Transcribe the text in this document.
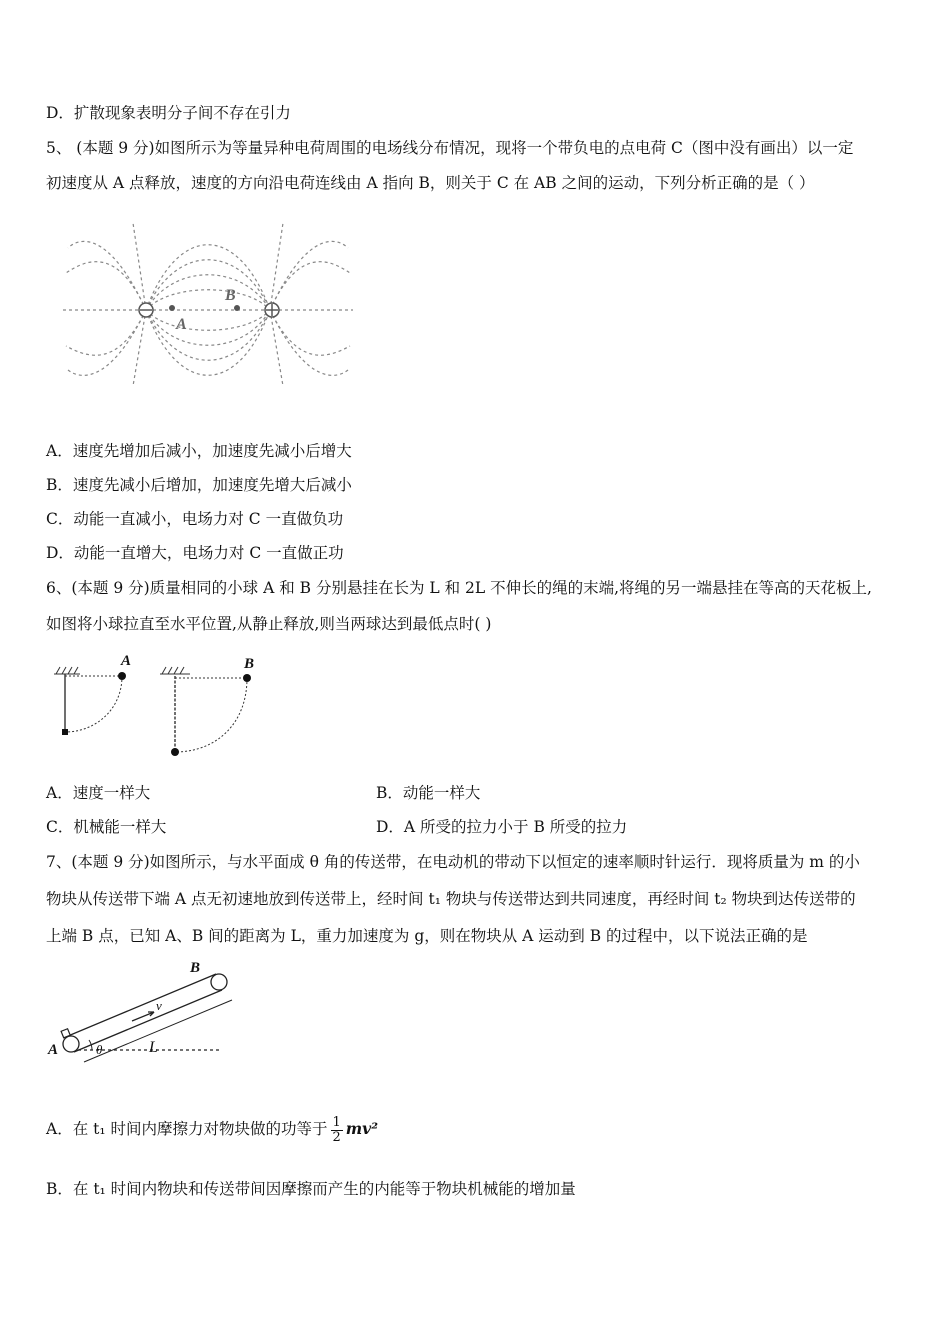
D．扩散现象表明分子间不存在引力
5、 (本题 9 分)如图所示为等量异种电荷周围的电场线分布情况，现将一个带负电的点电荷 C（图中没有画出）以一定
初速度从 A 点释放，速度的方向沿电荷连线由 A 指向 B，则关于 C 在 AB 之间的运动，下列分析正确的是（ ）
A
B
A．速度先增加后减小，加速度先减小后增大
B．速度先减小后增加，加速度先增大后减小
C．动能一直减小，电场力对 C 一直做负功
D．动能一直增大，电场力对 C 一直做正功
6、(本题 9 分)质量相同的小球 A 和 B 分别悬挂在长为 L 和 2L 不伸长的绳的末端,将绳的另一端悬挂在等高的天花板上,
如图将小球拉直至水平位置,从静止释放,则当两球达到最低点时( )
A	B
A．速度一样大	B．动能一样大
C．机械能一样大	D．A 所受的拉力小于 B 所受的拉力
7、(本题 9 分)如图所示，与水平面成 θ 角的传送带，在电动机的带动下以恒定的速率顺时针运行．现将质量为 m 的小
物块从传送带下端 A 点无初速地放到传送带上，经时间 t₁ 物块与传送带达到共同速度，再经时间 t₂ 物块到达传送带的
上端 B 点，已知 A、B 间的距离为 L，重力加速度为 g，则在物块从 A 运动到 B 的过程中，以下说法正确的是
A
B
v
L
θ
A．在 t₁ 时间内摩擦力对物块做的功等于 $\frac{1}{2} mv^2$
B．在 t₁ 时间内物块和传送带间因摩擦而产生的内能等于物块机械能的增加量
